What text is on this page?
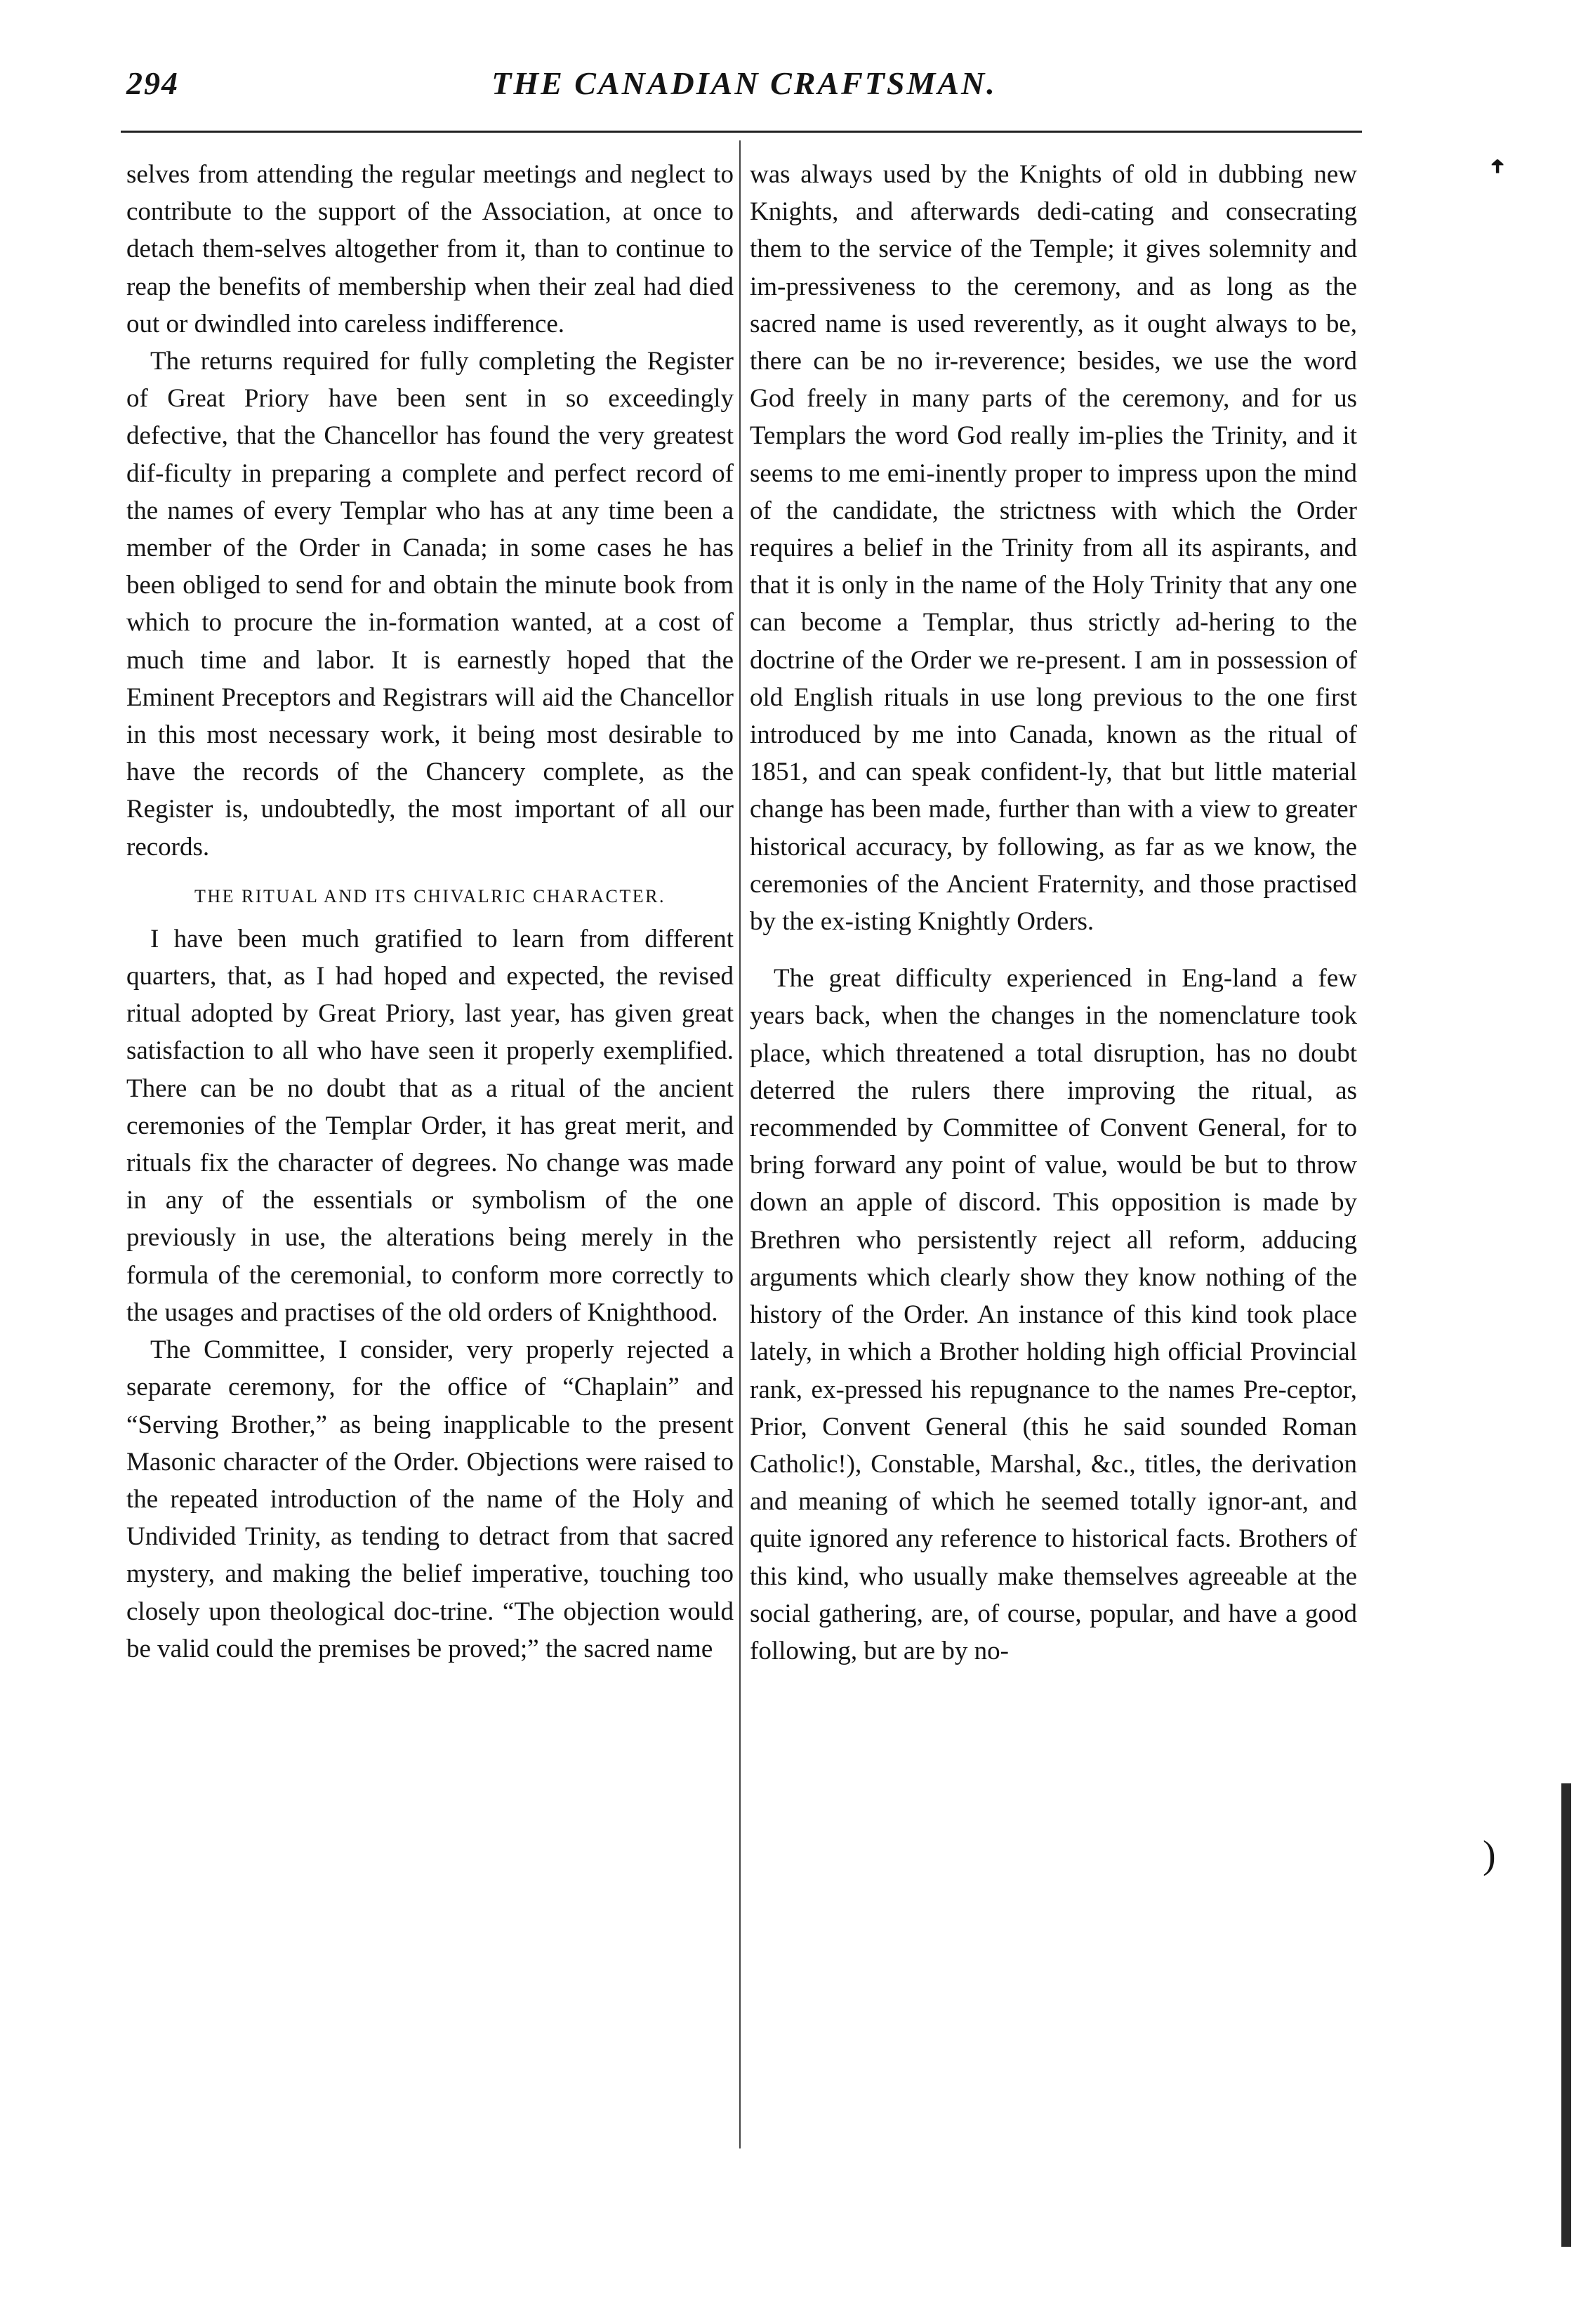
294	THE CANADIAN CRAFTSMAN.

selves from attending the regular meetings and neglect to contribute to the support of the Association, at once to detach them-selves altogether from it, than to continue to reap the benefits of membership when their zeal had died out or dwindled into careless indifference.

The returns required for fully completing the Register of Great Priory have been sent in so exceedingly defective, that the Chancellor has found the very greatest dif-ficulty in preparing a complete and perfect record of the names of every Templar who has at any time been a member of the Order in Canada; in some cases he has been obliged to send for and obtain the minute book from which to procure the in-formation wanted, at a cost of much time and labor. It is earnestly hoped that the Eminent Preceptors and Registrars will aid the Chancellor in this most necessary work, it being most desirable to have the records of the Chancery complete, as the Register is, undoubtedly, the most important of all our records.

THE RITUAL AND ITS CHIVALRIC CHARACTER.

I have been much gratified to learn from different quarters, that, as I had hoped and expected, the revised ritual adopted by Great Priory, last year, has given great satisfaction to all who have seen it properly exemplified. There can be no doubt that as a ritual of the ancient ceremonies of the Templar Order, it has great merit, and rituals fix the character of degrees. No change was made in any of the essentials or symbolism of the one previously in use, the alterations being merely in the formula of the ceremonial, to conform more correctly to the usages and practises of the old orders of Knighthood.

The Committee, I consider, very properly rejected a separate ceremony, for the office of “Chaplain” and “Serving Brother,” as being inapplicable to the present Masonic character of the Order. Objections were raised to the repeated introduction of the name of the Holy and Undivided Trinity, as tending to detract from that sacred mystery, and making the belief imperative, touching too closely upon theological doc-trine. “The objection would be valid could the premises be proved;” the sacred name

was always used by the Knights of old in dubbing new Knights, and afterwards dedi-cating and consecrating them to the service of the Temple; it gives solemnity and im-pressiveness to the ceremony, and as long as the sacred name is used reverently, as it ought always to be, there can be no ir-reverence; besides, we use the word God freely in many parts of the ceremony, and for us Templars the word God really im-plies the Trinity, and it seems to me emi-inently proper to impress upon the mind of the candidate, the strictness with which the Order requires a belief in the Trinity from all its aspirants, and that it is only in the name of the Holy Trinity that any one can become a Templar, thus strictly ad-hering to the doctrine of the Order we re-present. I am in possession of old English rituals in use long previous to the one first introduced by me into Canada, known as the ritual of 1851, and can speak confident-ly, that but little material change has been made, further than with a view to greater historical accuracy, by following, as far as we know, the ceremonies of the Ancient Fraternity, and those practised by the ex-isting Knightly Orders.

The great difficulty experienced in Eng-land a few years back, when the changes in the nomenclature took place, which threatened a total disruption, has no doubt deterred the rulers there improving the ritual, as recommended by Committee of Convent General, for to bring forward any point of value, would be but to throw down an apple of discord. This opposition is made by Brethren who persistently reject all reform, adducing arguments which clearly show they know nothing of the history of the Order. An instance of this kind took place lately, in which a Brother holding high official Provincial rank, ex-pressed his repugnance to the names Pre-ceptor, Prior, Convent General (this he said sounded Roman Catholic!), Constable, Marshal, &c., titles, the derivation and meaning of which he seemed totally ignor-ant, and quite ignored any reference to historical facts. Brothers of this kind, who usually make themselves agreeable at the social gathering, are, of course, popular, and have a good following, but are by no-

ꜛ
)
